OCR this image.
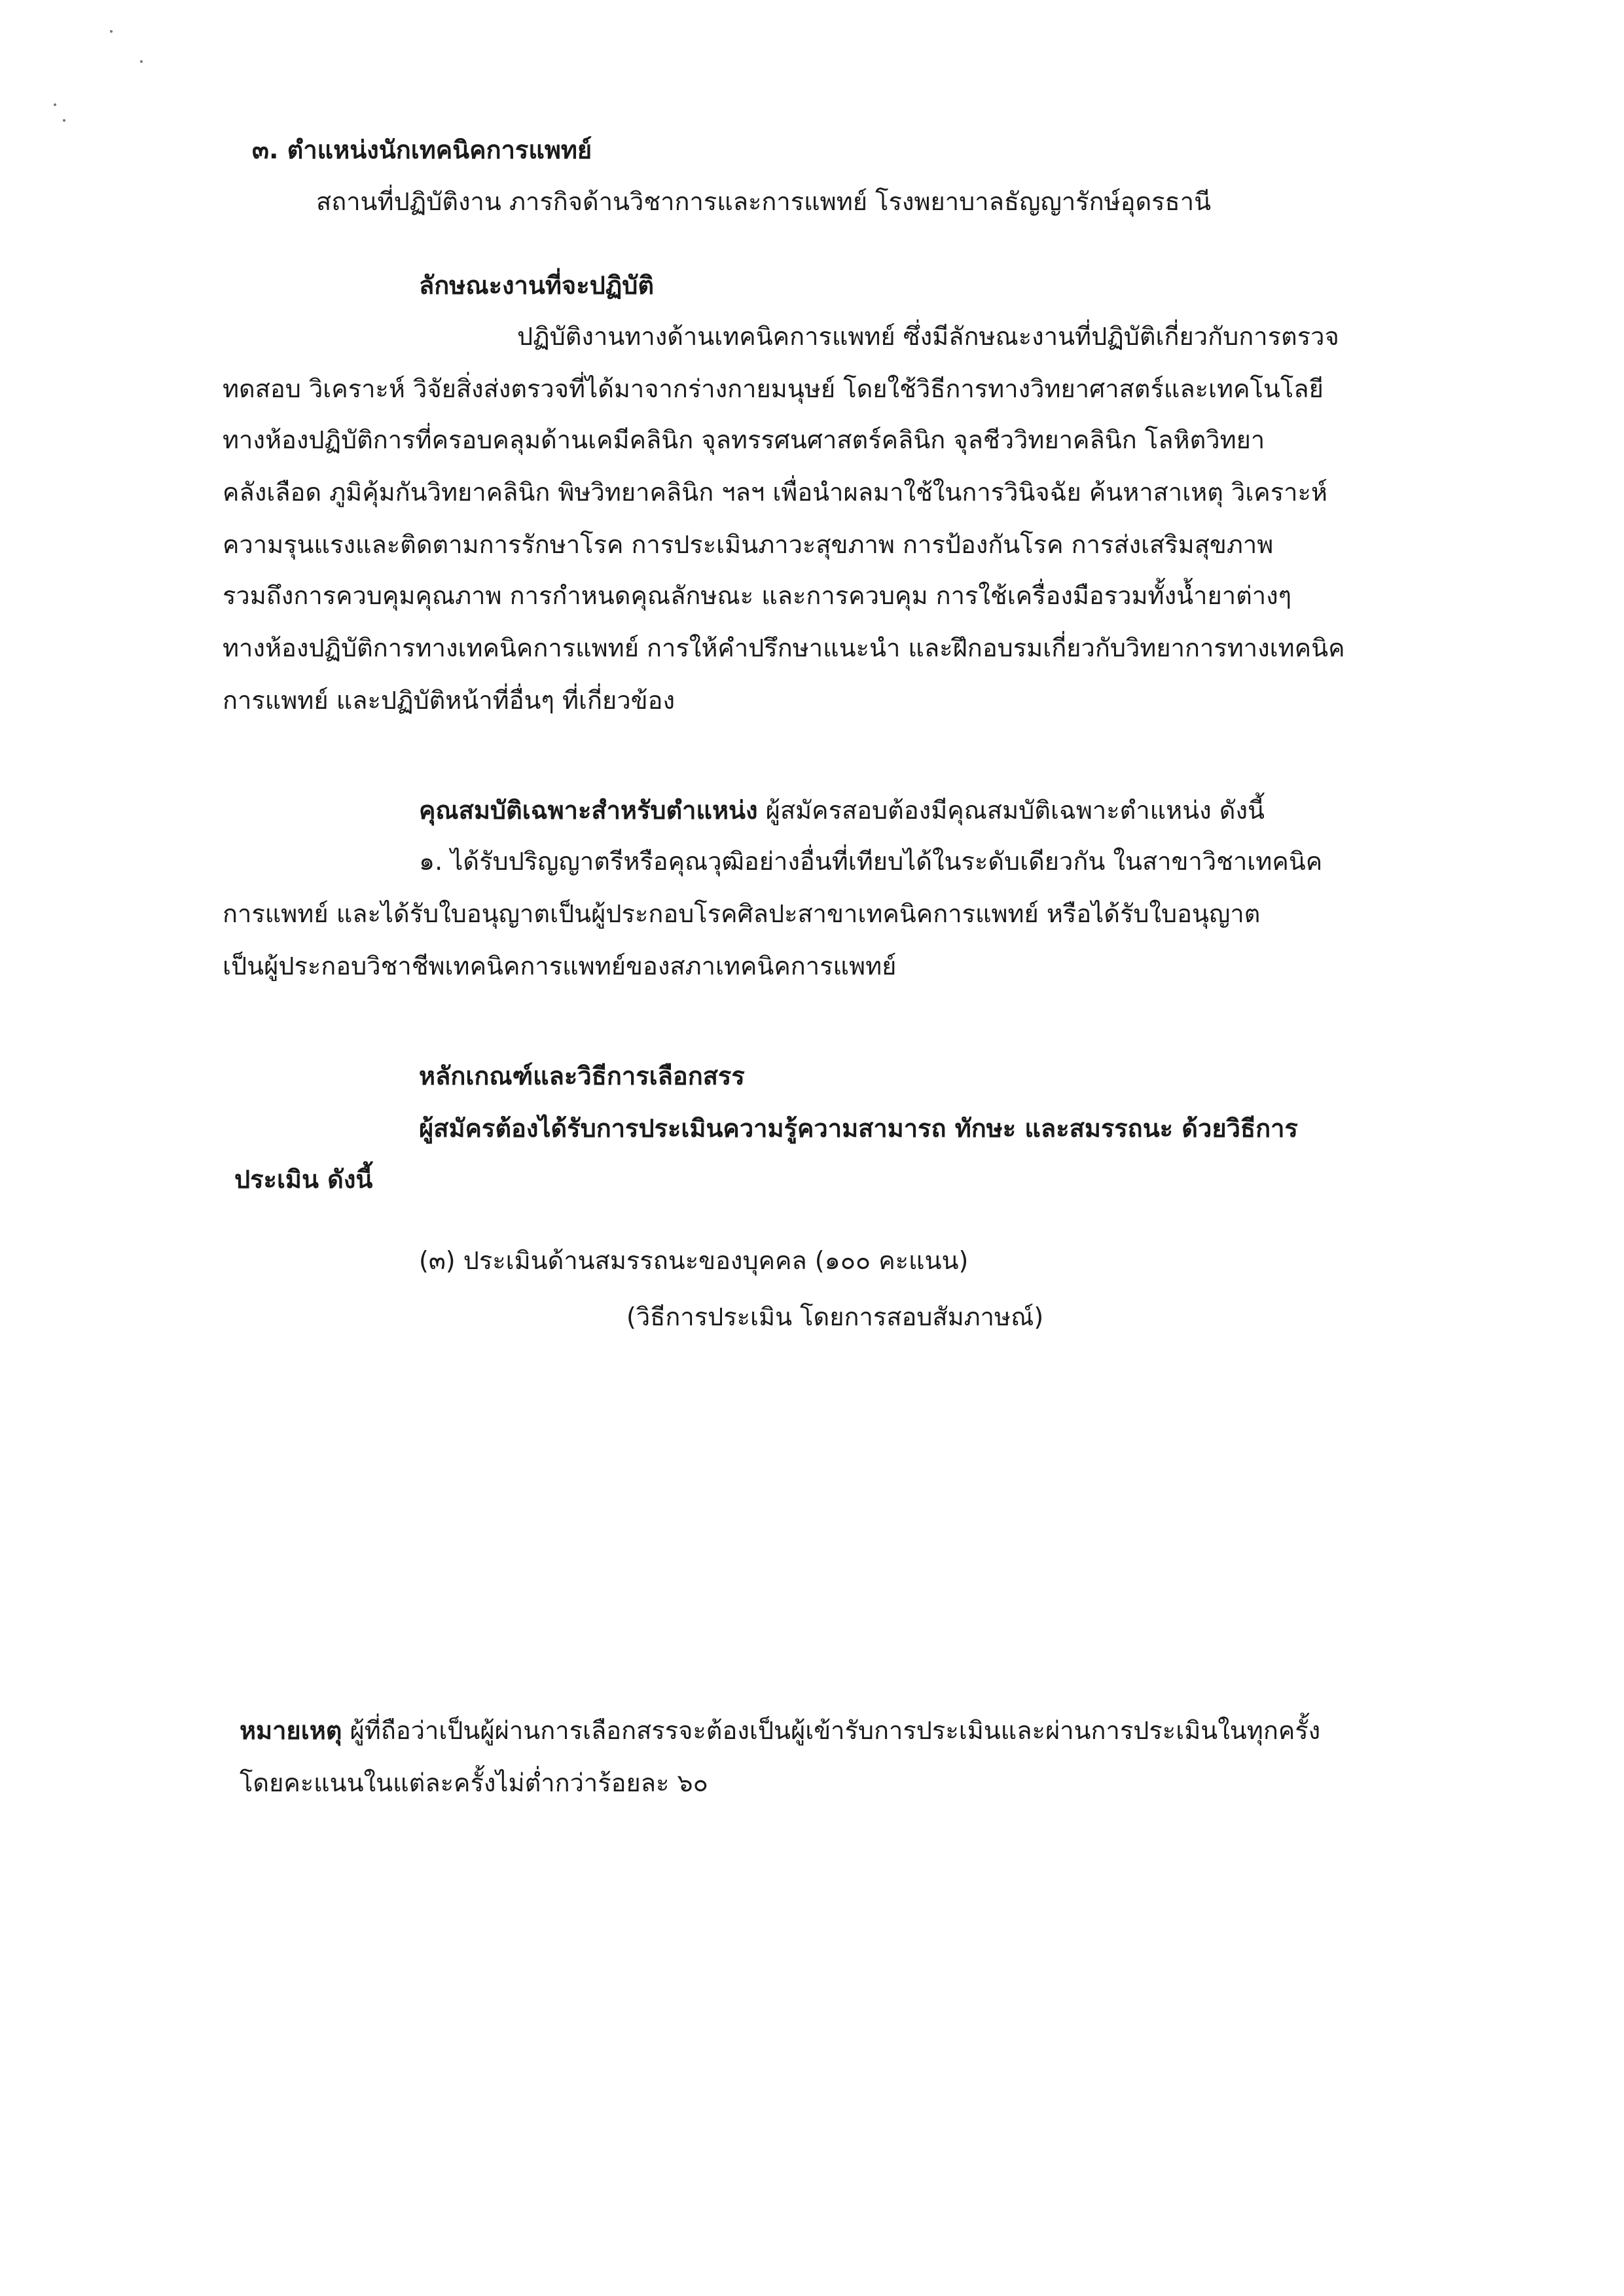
๓. ตำแหน่งนักเทคนิคการแพทย์
สถานที่ปฏิบัติงาน ภารกิจด้านวิชาการและการแพทย์ โรงพยาบาลธัญญารักษ์อุดรธานี
ลักษณะงานที่จะปฏิบัติ
ปฏิบัติงานทางด้านเทคนิคการแพทย์ ซึ่งมีลักษณะงานที่ปฏิบัติเกี่ยวกับการตรวจ
ทดสอบ วิเคราะห์ วิจัยสิ่งส่งตรวจที่ได้มาจากร่างกายมนุษย์ โดยใช้วิธีการทางวิทยาศาสตร์และเทคโนโลยี
ทางห้องปฏิบัติการที่ครอบคลุมด้านเคมีคลินิก จุลทรรศนศาสตร์คลินิก จุลชีววิทยาคลินิก โลหิตวิทยา
คลังเลือด ภูมิคุ้มกันวิทยาคลินิก พิษวิทยาคลินิก ฯลฯ เพื่อนำผลมาใช้ในการวินิจฉัย ค้นหาสาเหตุ วิเคราะห์
ความรุนแรงและติดตามการรักษาโรค การประเมินภาวะสุขภาพ การป้องกันโรค การส่งเสริมสุขภาพ
รวมถึงการควบคุมคุณภาพ การกำหนดคุณลักษณะ และการควบคุม การใช้เครื่องมือรวมทั้งน้ำยาต่างๆ
ทางห้องปฏิบัติการทางเทคนิคการแพทย์ การให้คำปรึกษาแนะนำ และฝึกอบรมเกี่ยวกับวิทยาการทางเทคนิค
การแพทย์ และปฏิบัติหน้าที่อื่นๆ ที่เกี่ยวข้อง
คุณสมบัติเฉพาะสำหรับตำแหน่ง ผู้สมัครสอบต้องมีคุณสมบัติเฉพาะตำแหน่ง ดังนี้
๑. ได้รับปริญญาตรีหรือคุณวุฒิอย่างอื่นที่เทียบได้ในระดับเดียวกัน ในสาขาวิชาเทคนิค
การแพทย์ และได้รับใบอนุญาตเป็นผู้ประกอบโรคศิลปะสาขาเทคนิคการแพทย์ หรือได้รับใบอนุญาต
เป็นผู้ประกอบวิชาชีพเทคนิคการแพทย์ของสภาเทคนิคการแพทย์
หลักเกณฑ์และวิธีการเลือกสรร
ผู้สมัครต้องได้รับการประเมินความรู้ความสามารถ ทักษะ และสมรรถนะ ด้วยวิธีการ
ประเมิน ดังนี้
(๓) ประเมินด้านสมรรถนะของบุคคล (๑๐๐ คะแนน)
(วิธีการประเมิน โดยการสอบสัมภาษณ์)
หมายเหตุ ผู้ที่ถือว่าเป็นผู้ผ่านการเลือกสรรจะต้องเป็นผู้เข้ารับการประเมินและผ่านการประเมินในทุกครั้ง
โดยคะแนนในแต่ละครั้งไม่ต่ำกว่าร้อยละ ๖๐
